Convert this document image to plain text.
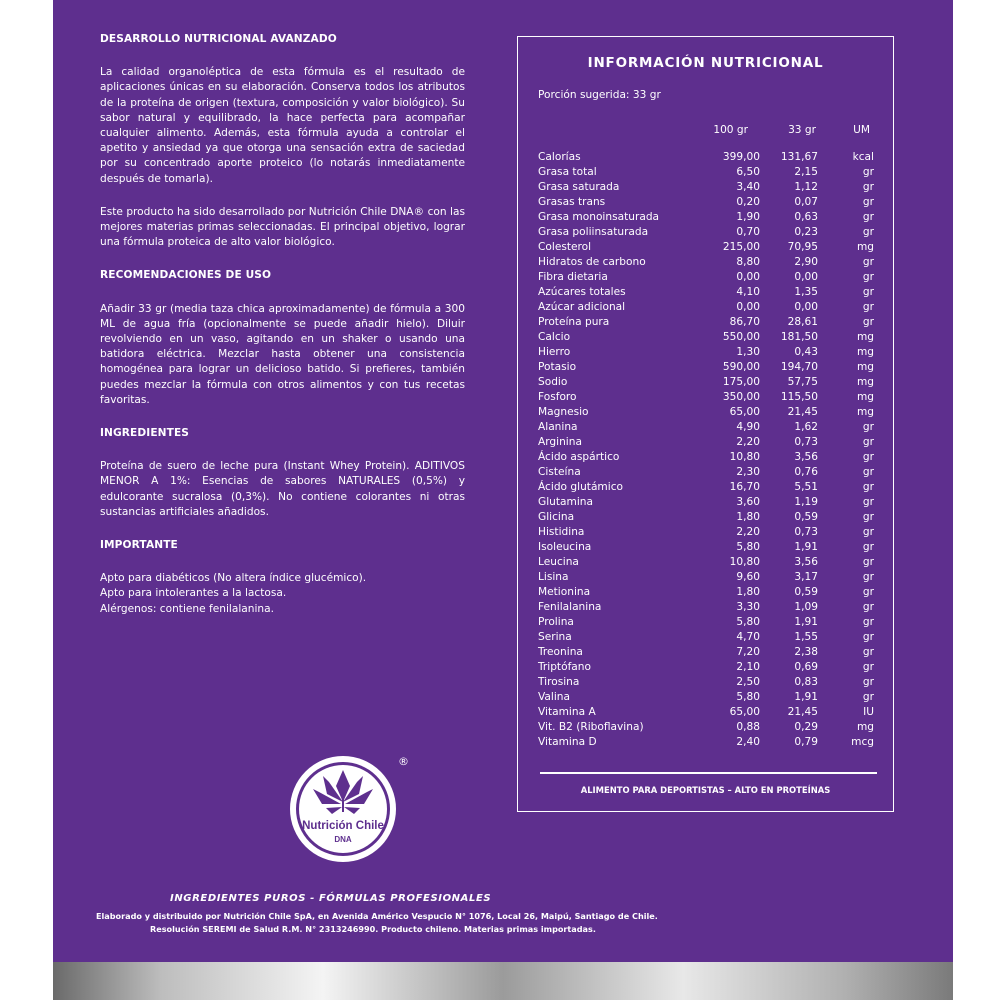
DESARROLLO NUTRICIONAL AVANZADO

La calidad organoléptica de esta fórmula es el resultado de aplicaciones únicas en su elaboración. Conserva todos los atributos de la proteína de origen (textura, composición y valor biológico). Su sabor natural y equilibrado, la hace perfecta para acompañar cualquier alimento. Además, esta fórmula ayuda a controlar el apetito y ansiedad ya que otorga una sensación extra de saciedad por su concentrado aporte proteico (lo notarás inmediatamente después de tomarla).

Este producto ha sido desarrollado por Nutrición Chile DNA® con las mejores materias primas seleccionadas. El principal objetivo, lograr una fórmula proteica de alto valor biológico.

RECOMENDACIONES DE USO

Añadir 33 gr (media taza chica aproximadamente) de fórmula a 300 ML de agua fría (opcionalmente se puede añadir hielo). Diluir revolviendo en un vaso, agitando en un shaker o usando una batidora eléctrica. Mezclar hasta obtener una consistencia homogénea para lograr un delicioso batido. Si prefieres, también puedes mezclar la fórmula con otros alimentos y con tus recetas favoritas.

INGREDIENTES

Proteína de suero de leche pura (Instant Whey Protein). ADITIVOS MENOR A 1%: Esencias de sabores NATURALES (0,5%) y edulcorante sucralosa (0,3%). No contiene colorantes ni otras sustancias artificiales añadidos.

IMPORTANTE
Apto para diabéticos (No altera índice glucémico).
Apto para intolerantes a la lactosa.
Alérgenos: contiene fenilalanina.
INFORMACIÓN NUTRICIONAL
Porción sugerida: 33 gr
100 gr	33 gr	UM
Calorías	399,00 131,67	kcal
Grasa total	6,50	2,15	gr
Grasa saturada	3,40	1,12	gr
Grasas trans	0,20	0,07	gr
Grasa monoinsaturada	1,90	0,63	gr
Grasa poliinsaturada	0,70	0,23	gr
Colesterol	215,00	70,95	mg
Hidratos de carbono	8,80	2,90	gr
Fibra dietaria	0,00	0,00	gr
Azúcares totales	4,10	1,35	gr
Azúcar adicional	0,00	0,00	gr
Proteína pura	86,70	28,61	gr
Calcio	550,00 181,50	mg
Hierro	1,30	0,43	mg
Potasio	590,00 194,70	mg
Sodio	175,00	57,75	mg
Fosforo	350,00 115,50	mg
Magnesio	65,00	21,45	mg
Alanina	4,90	1,62	gr
Arginina	2,20	0,73	gr
Ácido aspártico	10,80	3,56	gr
Cisteína	2,30	0,76	gr
Ácido glutámico	16,70	5,51	gr
Glutamina	3,60	1,19	gr
Glicina	1,80	0,59	gr
Histidina	2,20	0,73	gr
Isoleucina	5,80	1,91	gr
Leucina	10,80	3,56	gr
Lisina	9,60	3,17	gr
Metionina	1,80	0,59	gr
Fenilalanina	3,30	1,09	gr
Prolina	5,80	1,91	gr
Serina	4,70	1,55	gr
Treonina	7,20	2,38	gr
Triptófano	2,10	0,69	gr
Tirosina	2,50	0,83	gr
Valina	5,80	1,91	gr
Vitamina A	65,00	21,45	IU
Vit. B2 (Riboflavina)	0,88	0,29	mg
Vitamina D	2,40	0,79	mcg
ALIMENTO PARA DEPORTISTAS – ALTO EN PROTEÍNAS
Nutrición Chile
DNA
®
INGREDIENTES PUROS - FÓRMULAS PROFESIONALES
Elaborado y distribuido por Nutrición Chile SpA, en Avenida Américo Vespucio N° 1076, Local 26, Maipú, Santiago de Chile.
Resolución SEREMI de Salud R.M. N° 2313246990. Producto chileno. Materias primas importadas.
